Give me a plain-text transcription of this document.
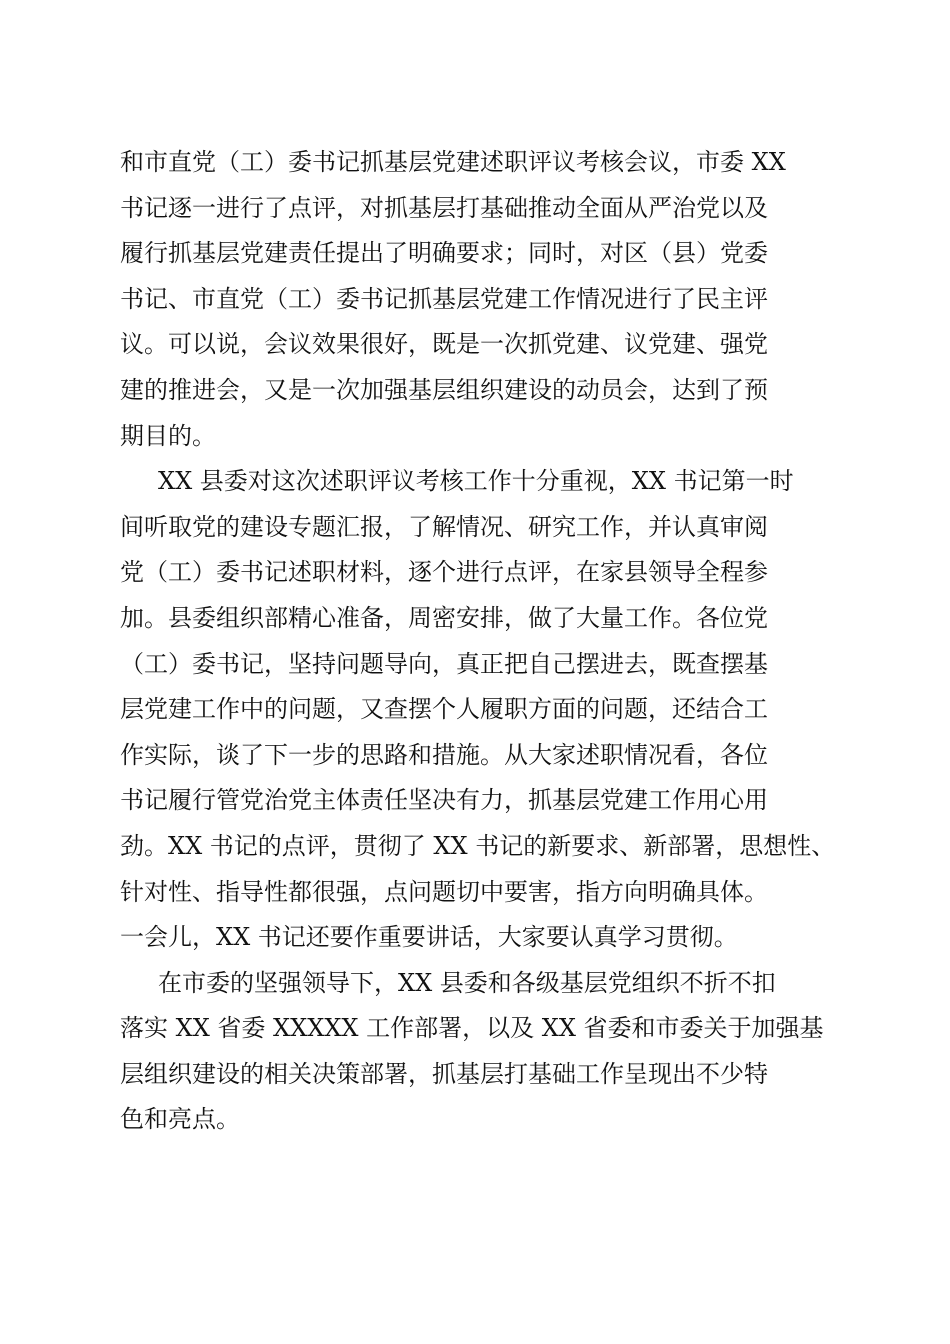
和市直党（工）委书记抓基层党建述职评议考核会议，市委 XX
书记逐一进行了点评，对抓基层打基础推动全面从严治党以及
履行抓基层党建责任提出了明确要求；同时，对区（县）党委
书记、市直党（工）委书记抓基层党建工作情况进行了民主评
议。可以说，会议效果很好，既是一次抓党建、议党建、强党
建的推进会，又是一次加强基层组织建设的动员会，达到了预
期目的。
XX 县委对这次述职评议考核工作十分重视，XX 书记第一时
间听取党的建设专题汇报，了解情况、研究工作，并认真审阅
党（工）委书记述职材料，逐个进行点评，在家县领导全程参
加。县委组织部精心准备，周密安排，做了大量工作。各位党
（工）委书记，坚持问题导向，真正把自己摆进去，既查摆基
层党建工作中的问题，又查摆个人履职方面的问题，还结合工
作实际，谈了下一步的思路和措施。从大家述职情况看，各位
书记履行管党治党主体责任坚决有力，抓基层党建工作用心用
劲。XX 书记的点评，贯彻了 XX 书记的新要求、新部署，思想性、
针对性、指导性都很强，点问题切中要害，指方向明确具体。
一会儿，XX 书记还要作重要讲话，大家要认真学习贯彻。
在市委的坚强领导下，XX 县委和各级基层党组织不折不扣
落实 XX 省委 XXXXX 工作部署，以及 XX 省委和市委关于加强基
层组织建设的相关决策部署，抓基层打基础工作呈现出不少特
色和亮点。
